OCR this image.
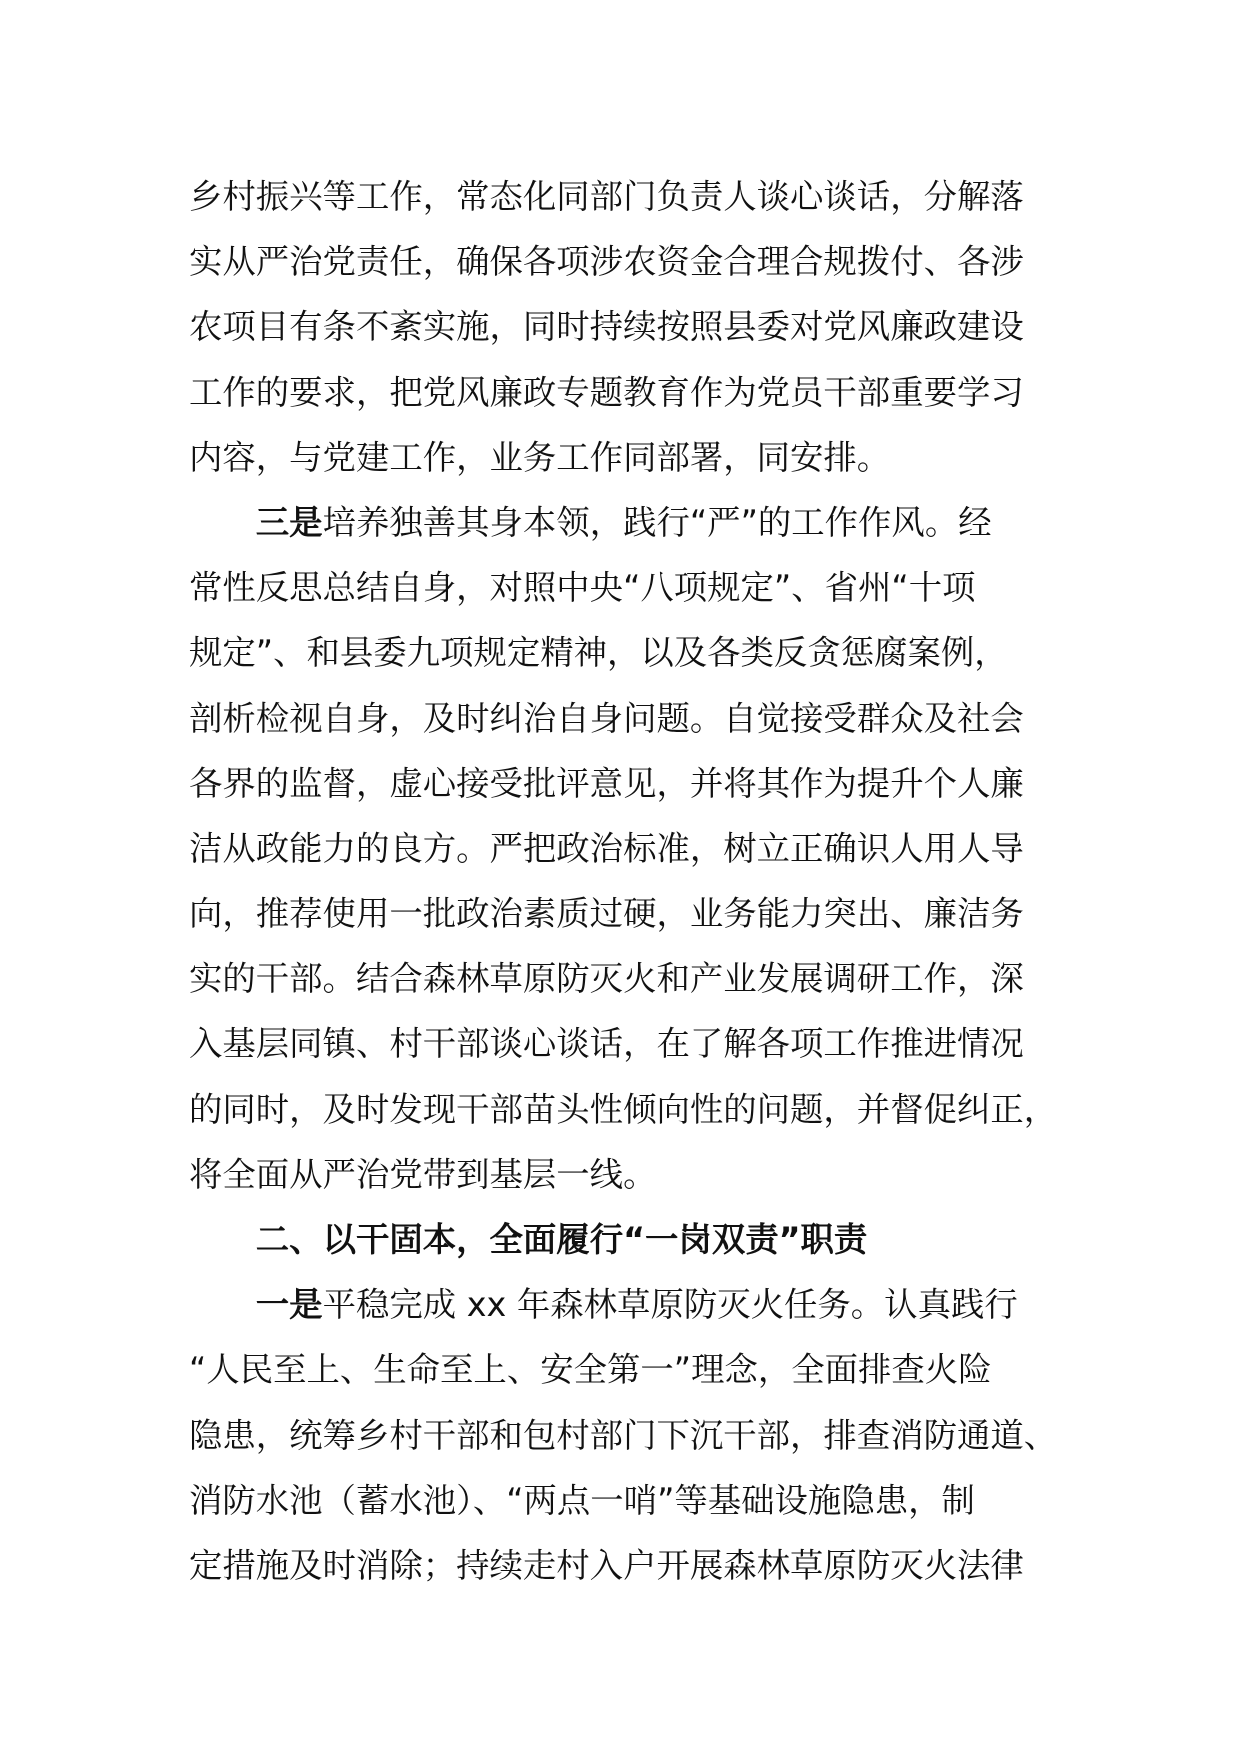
乡村振兴等工作，常态化同部门负责人谈心谈话，分解落
实从严治党责任，确保各项涉农资金合理合规拨付、各涉
农项目有条不紊实施，同时持续按照县委对党风廉政建设
工作的要求，把党风廉政专题教育作为党员干部重要学习
内容，与党建工作，业务工作同部署，同安排。
三是培养独善其身本领，践行“严”的工作作风。经
常性反思总结自身，对照中央“八项规定”、省州“十项
规定”、和县委九项规定精神，以及各类反贪惩腐案例，
剖析检视自身，及时纠治自身问题。自觉接受群众及社会
各界的监督，虚心接受批评意见，并将其作为提升个人廉
洁从政能力的良方。严把政治标准，树立正确识人用人导
向，推荐使用一批政治素质过硬，业务能力突出、廉洁务
实的干部。结合森林草原防灭火和产业发展调研工作，深
入基层同镇、村干部谈心谈话，在了解各项工作推进情况
的同时，及时发现干部苗头性倾向性的问题，并督促纠正，
将全面从严治党带到基层一线。
二、以干固本，全面履行“一岗双责”职责
一是平稳完成 xx 年森林草原防灭火任务。认真践行
“人民至上、生命至上、安全第一”理念，全面排查火险
隐患，统筹乡村干部和包村部门下沉干部，排查消防通道、
消防水池（蓄水池）、“两点一哨”等基础设施隐患，制
定措施及时消除；持续走村入户开展森林草原防灭火法律
